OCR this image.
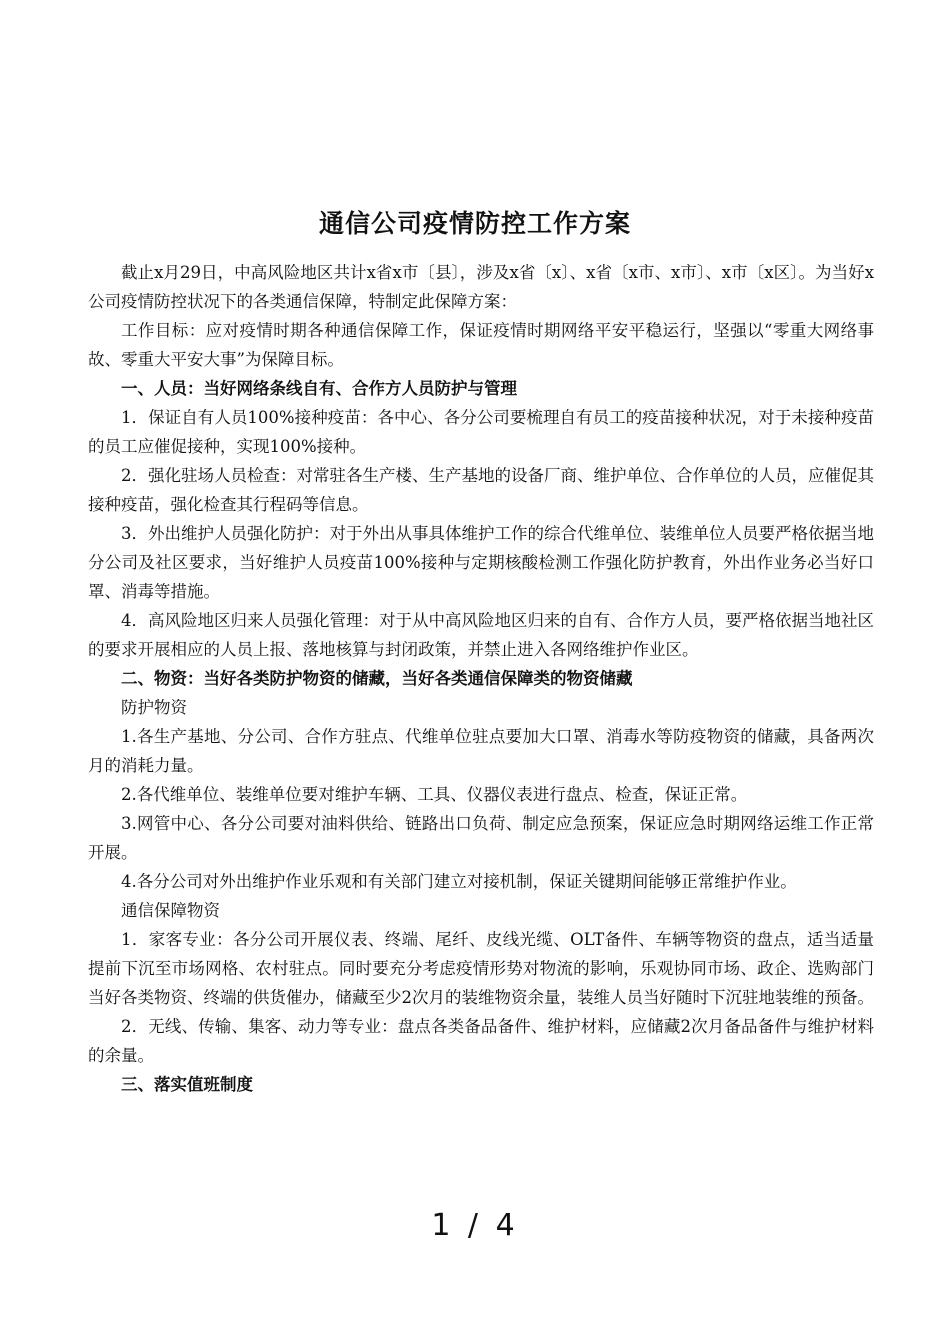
通信公司疫情防控工作方案

截止x月29日，中高风险地区共计x省x市〔县〕，涉及x省〔x〕、x省〔x市、x市〕、x市〔x区〕。为当好x公司疫情防控状况下的各类通信保障，特制定此保障方案：

工作目标：应对疫情时期各种通信保障工作，保证疫情时期网络平安平稳运行，坚强以“零重大网络事故、零重大平安大事”为保障目标。

一、人员：当好网络条线自有、合作方人员防护与管理

1．保证自有人员100%接种疫苗：各中心、各分公司要梳理自有员工的疫苗接种状况，对于未接种疫苗的员工应催促接种，实现100%接种。

2．强化驻场人员检查：对常驻各生产楼、生产基地的设备厂商、维护单位、合作单位的人员，应催促其接种疫苗，强化检查其行程码等信息。

3．外出维护人员强化防护：对于外出从事具体维护工作的综合代维单位、装维单位人员要严格依据当地分公司及社区要求，当好维护人员疫苗100%接种与定期核酸检测工作强化防护教育，外出作业务必当好口罩、消毒等措施。

4．高风险地区归来人员强化管理：对于从中高风险地区归来的自有、合作方人员，要严格依据当地社区的要求开展相应的人员上报、落地核算与封闭政策，并禁止进入各网络维护作业区。

二、物资：当好各类防护物资的储藏，当好各类通信保障类的物资储藏

防护物资

1.各生产基地、分公司、合作方驻点、代维单位驻点要加大口罩、消毒水等防疫物资的储藏，具备两次月的消耗力量。

2.各代维单位、装维单位要对维护车辆、工具、仪器仪表进行盘点、检查，保证正常。

3.网管中心、各分公司要对油料供给、链路出口负荷、制定应急预案，保证应急时期网络运维工作正常开展。

4.各分公司对外出维护作业乐观和有关部门建立对接机制，保证关键期间能够正常维护作业。

通信保障物资

1．家客专业：各分公司开展仪表、终端、尾纤、皮线光缆、OLT备件、车辆等物资的盘点，适当适量提前下沉至市场网格、农村驻点。同时要充分考虑疫情形势对物流的影响，乐观协同市场、政企、选购部门当好各类物资、终端的供货催办，储藏至少2次月的装维物资余量，装维人员当好随时下沉驻地装维的预备。

2．无线、传输、集客、动力等专业：盘点各类备品备件、维护材料，应储藏2次月备品备件与维护材料的余量。

三、落实值班制度

1 / 4
